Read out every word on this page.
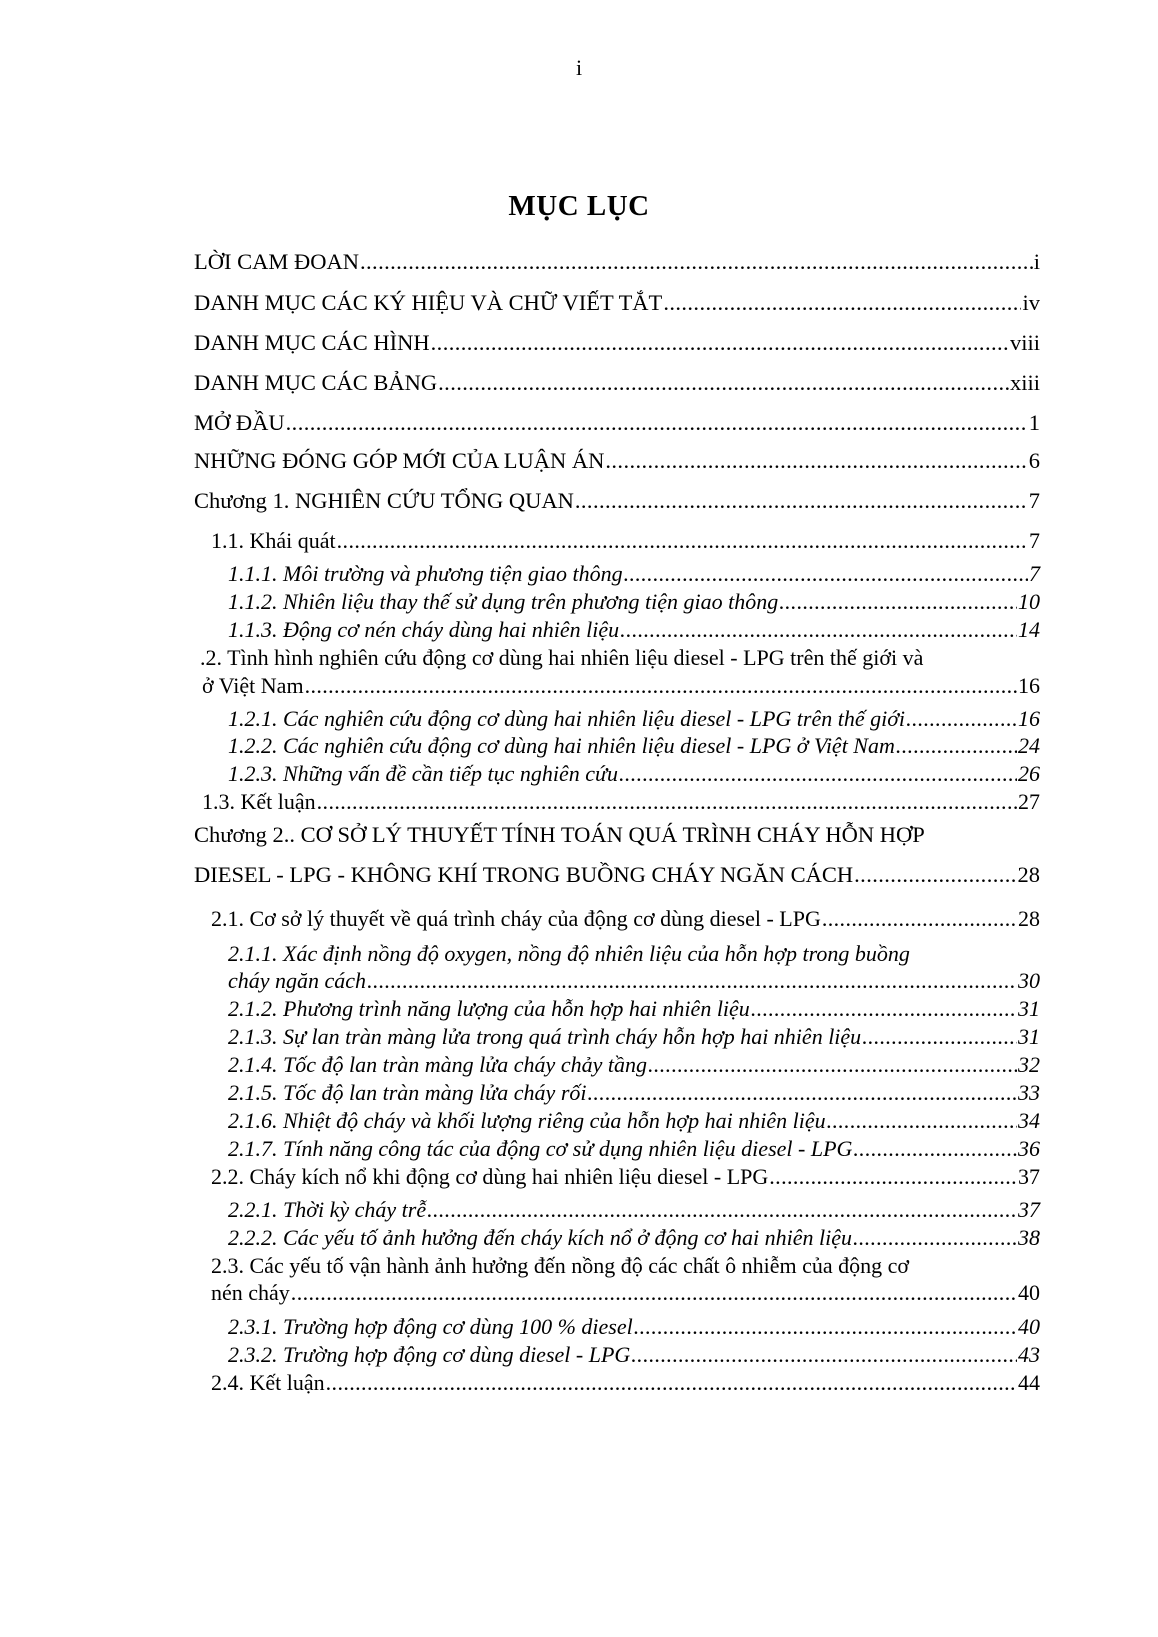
i
MỤC LỤC
LỜI CAM ĐOAN .....	i
DANH MỤC CÁC KÝ HIỆU VÀ CHỮ VIẾT TẮT .....	iv
DANH MỤC CÁC HÌNH .....	viii
DANH MỤC CÁC BẢNG .....	xiii
MỞ ĐẦU .....	1
NHỮNG ĐÓNG GÓP MỚI CỦA LUẬN ÁN .....	6
Chương 1. NGHIÊN CỨU TỔNG QUAN .....	7
1.1. Khái quát .....	7
1.1.1. Môi trường và phương tiện giao thông .....	7
1.1.2. Nhiên liệu thay thế sử dụng trên phương tiện giao thông .....	10
1.1.3. Động cơ nén cháy dùng hai nhiên liệu .....	14
.2. Tình hình nghiên cứu động cơ dùng hai nhiên liệu diesel - LPG trên thế giới và
ở Việt Nam .....	16
1.2.1. Các nghiên cứu động cơ dùng hai nhiên liệu diesel - LPG trên thế giới .....	16
1.2.2. Các nghiên cứu động cơ dùng hai nhiên liệu diesel - LPG ở Việt Nam .....	24
1.2.3. Những vấn đề cần tiếp tục nghiên cứu .....	26
1.3. Kết luận .....	27
Chương 2.. CƠ SỞ LÝ THUYẾT TÍNH TOÁN QUÁ TRÌNH CHÁY HỖN HỢP
DIESEL - LPG - KHÔNG KHÍ TRONG BUỒNG CHÁY NGĂN CÁCH .....	28
2.1. Cơ sở lý thuyết về quá trình cháy của động cơ dùng diesel - LPG .....	28
2.1.1. Xác định nồng độ oxygen, nồng độ nhiên liệu của hỗn hợp trong buồng
cháy ngăn cách .....	30
2.1.2. Phương trình năng lượng của hỗn hợp hai nhiên liệu .....	31
2.1.3. Sự lan tràn màng lửa trong quá trình cháy hỗn hợp hai nhiên liệu .....	31
2.1.4. Tốc độ lan tràn màng lửa cháy chảy tầng .....	32
2.1.5. Tốc độ lan tràn màng lửa cháy rối .....	33
2.1.6. Nhiệt độ cháy và khối lượng riêng của hỗn hợp hai nhiên liệu .....	34
2.1.7. Tính năng công tác của động cơ sử dụng nhiên liệu diesel - LPG .....	36
2.2. Cháy kích nổ khi động cơ dùng hai nhiên liệu diesel - LPG .....	37
2.2.1. Thời kỳ cháy trễ .....	37
2.2.2. Các yếu tố ảnh hưởng đến cháy kích nổ ở động cơ hai nhiên liệu .....	38
2.3. Các yếu tố vận hành ảnh hưởng đến nồng độ các chất ô nhiễm của động cơ
nén cháy .....	40
2.3.1. Trường hợp động cơ dùng 100 % diesel .....	40
2.3.2. Trường hợp động cơ dùng diesel - LPG .....	43
2.4. Kết luận .....	44
